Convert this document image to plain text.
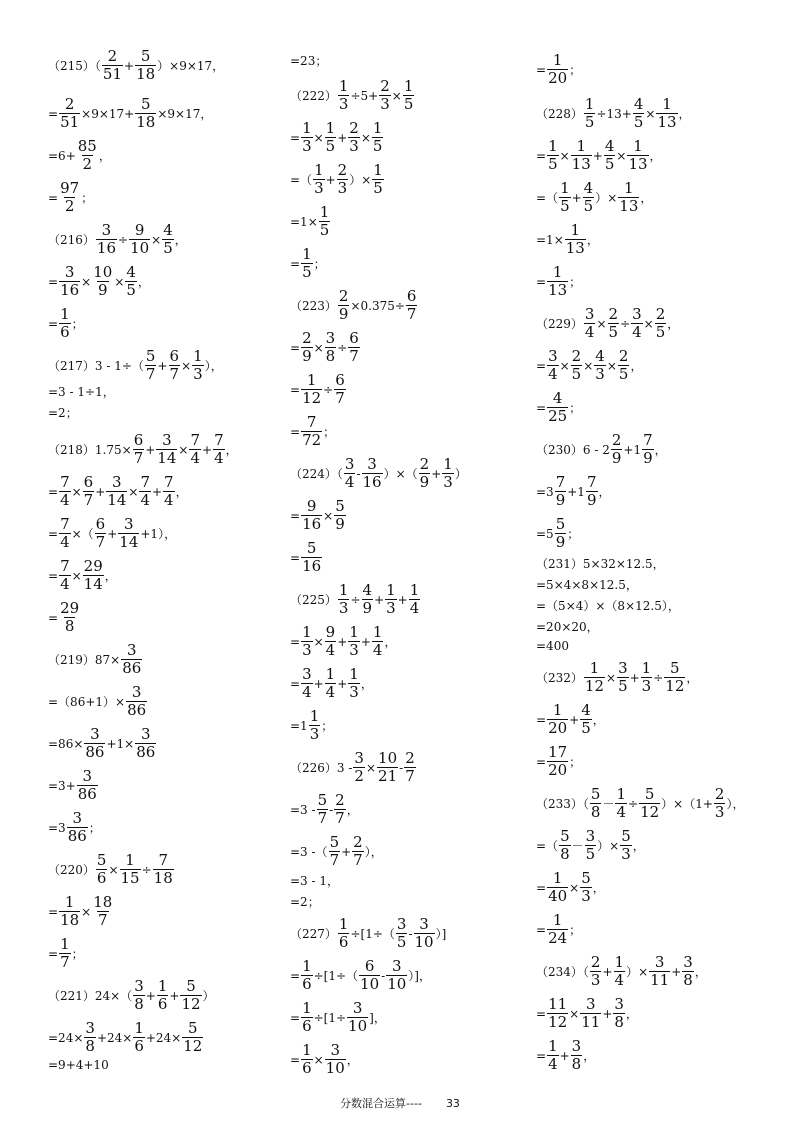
$(215)( \frac{2}{51} + \frac{5}{18} )\times 9\times 17$，
= $\frac{2}{51} \times 9\times 17+ \frac{5}{18} \times 9\times 17$，
$=6+ \frac{85}{2}$ ，
= $\frac{97}{2}$ ；
$(216) \frac{3}{16} \div \frac{9}{10} \times \frac{4}{5}$ ，
= $\frac{3}{16} \times \frac{10}{9} \times \frac{4}{5}$ ，
= $\frac{1}{6}$ ；
$(217)3 - 1\div( \frac{5}{7} + \frac{6}{7} \times \frac{1}{3}$ ），
=3 - 1÷1，
=2；
$(218)1.75\times \frac{6}{7} + \frac{3}{14} \times \frac{7}{4} + \frac{7}{4}$ ，
= $\frac{7}{4} \times \frac{6}{7} + \frac{3}{14} \times \frac{7}{4} + \frac{7}{4}$ ，
= $\frac{7}{4}$ ×（ $\frac{6}{7} + \frac{3}{14} +1$），
= $\frac{7}{4} \times \frac{29}{14}$ ，
= $\frac{29}{8}$
$(219)87\times \frac{3}{86}$
$=(86+1)\times \frac{3}{86}$
$=86\times \frac{3}{86} +1\times \frac{3}{86}$
$=3+ \frac{3}{86}$
$=3 \frac{3}{86}$ ；
$(220) \frac{5}{6} \times \frac{1}{15} \div \frac{7}{18}$
= $\frac{1}{18} \times \frac{18}{7}$
= $\frac{1}{7}$ ；
$(221)24\times( \frac{3}{8} + \frac{1}{6} + \frac{5}{12}$ ）
$=24\times \frac{3}{8} +24\times \frac{1}{6} +24\times \frac{5}{12}$
=9+4+10
=23；
$(222) \frac{1}{3} \div 5+ \frac{2}{3} \times \frac{1}{5}$
= $\frac{1}{3} \times \frac{1}{5} + \frac{2}{3} \times \frac{1}{5}$
=（ $\frac{1}{3} + \frac{2}{3}$ ）× $\frac{1}{5}$
$=1\times \frac{1}{5}$
= $\frac{1}{5}$ ；
$(223) \frac{2}{9} \times 0.375\div \frac{6}{7}$
= $\frac{2}{9} \times \frac{3}{8} \div \frac{6}{7}$
= $\frac{1}{12} \div \frac{6}{7}$
= $\frac{7}{72}$ ；
$(224)( \frac{3}{4} - \frac{3}{16}$ ）×（ $\frac{2}{9} + \frac{1}{3}$ ）
= $\frac{9}{16} \times \frac{5}{9}$
= $\frac{5}{16}$
$(225) \frac{1}{3} \div \frac{4}{9} + \frac{1}{3} + \frac{1}{4}$
= $\frac{1}{3} \times \frac{9}{4} + \frac{1}{3} + \frac{1}{4}$ ，
= $\frac{3}{4} + \frac{1}{4} + \frac{1}{3}$ ，
$=1 \frac{1}{3}$ ；
$(226)3 - \frac{3}{2} \times \frac{10}{21} - \frac{2}{7}$
$=3 - \frac{5}{7} - \frac{2}{7}$ ，
=3 -（ $\frac{5}{7} + \frac{2}{7}$ ），
=3 - 1，
=2；
$(227) \frac{1}{6} \div[1\div( \frac{3}{5} - \frac{3}{10}$ ）]
= $\frac{1}{6} \div[1\div( \frac{6}{10} - \frac{3}{10}$ ）]，
= $\frac{1}{6} \div[1\div \frac{3}{10}$ ]，
= $\frac{1}{6} \times \frac{3}{10}$ ，
= $\frac{1}{20}$ ；
$(228) \frac{1}{5} \div 13+ \frac{4}{5} \times \frac{1}{13}$ ，
= $\frac{1}{5} \times \frac{1}{13} + \frac{4}{5} \times \frac{1}{13}$ ，
=（ $\frac{1}{5} + \frac{4}{5}$ ）× $\frac{1}{13}$ ，
$=1\times \frac{1}{13}$ ，
= $\frac{1}{13}$ ；
$(229) \frac{3}{4} \times \frac{2}{5} \div \frac{3}{4} \times \frac{2}{5}$ ，
= $\frac{3}{4} \times \frac{2}{5} \times \frac{4}{3} \times \frac{2}{5}$ ，
= $\frac{4}{25}$ ；
$(230)6 - 2 \frac{2}{9} +1 \frac{7}{9}$ ，
$=3 \frac{7}{9} +1 \frac{7}{9}$ ，
$=5 \frac{5}{9}$ ；
（231）5×32×12.5，
=5×4×8×12.5，
=（5×4）×（8×12.5），
=20×20，
=400
$(232) \frac{1}{12} \times \frac{3}{5} + \frac{1}{3} \div \frac{5}{12}$ ，
= $\frac{1}{20} + \frac{4}{5}$ ，
= $\frac{17}{20}$ ；
$(233)( \frac{5}{8} - \frac{1}{4} \div \frac{5}{12} )\times(1+ \frac{2}{3}$ ），
=（ $\frac{5}{8} - \frac{3}{5}$ ）× $\frac{5}{3}$ ，
= $\frac{1}{40} \times \frac{5}{3}$ ，
= $\frac{1}{24}$ ；
$(234)( \frac{2}{3} + \frac{1}{4}$ ）× $\frac{3}{11} + \frac{3}{8}$ ，
= $\frac{11}{12} \times \frac{3}{11} + \frac{3}{8}$ ，
= $\frac{1}{4} + \frac{3}{8}$ ，
分数混合运算---- 33
